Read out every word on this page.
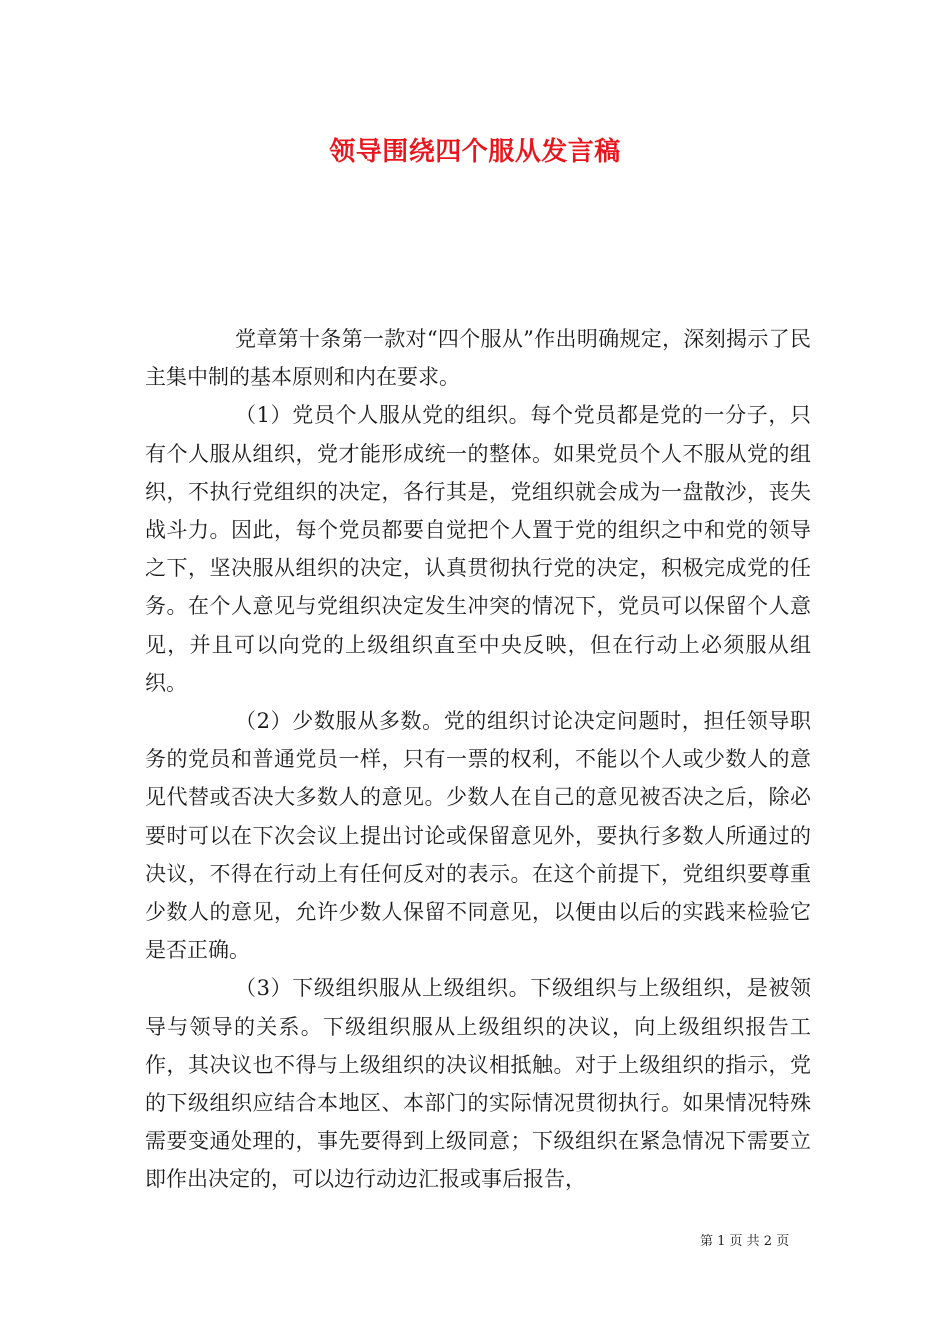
领导围绕四个服从发言稿

党章第十条第一款对“四个服从”作出明确规定，深刻揭示了民主集中制的基本原则和内在要求。

（1）党员个人服从党的组织。每个党员都是党的一分子，只有个人服从组织，党才能形成统一的整体。如果党员个人不服从党的组织，不执行党组织的决定，各行其是，党组织就会成为一盘散沙，丧失战斗力。因此，每个党员都要自觉把个人置于党的组织之中和党的领导之下，坚决服从组织的决定，认真贯彻执行党的决定，积极完成党的任务。在个人意见与党组织决定发生冲突的情况下，党员可以保留个人意见，并且可以向党的上级组织直至中央反映，但在行动上必须服从组织。

（2）少数服从多数。党的组织讨论决定问题时，担任领导职务的党员和普通党员一样，只有一票的权利，不能以个人或少数人的意见代替或否决大多数人的意见。少数人在自己的意见被否决之后，除必要时可以在下次会议上提出讨论或保留意见外，要执行多数人所通过的决议，不得在行动上有任何反对的表示。在这个前提下，党组织要尊重少数人的意见，允许少数人保留不同意见，以便由以后的实践来检验它是否正确。

（3）下级组织服从上级组织。下级组织与上级组织，是被领导与领导的关系。下级组织服从上级组织的决议，向上级组织报告工作，其决议也不得与上级组织的决议相抵触。对于上级组织的指示，党的下级组织应结合本地区、本部门的实际情况贯彻执行。如果情况特殊需要变通处理的，事先要得到上级同意；下级组织在紧急情况下需要立即作出决定的，可以边行动边汇报或事后报告，

第 1 页 共 2 页
